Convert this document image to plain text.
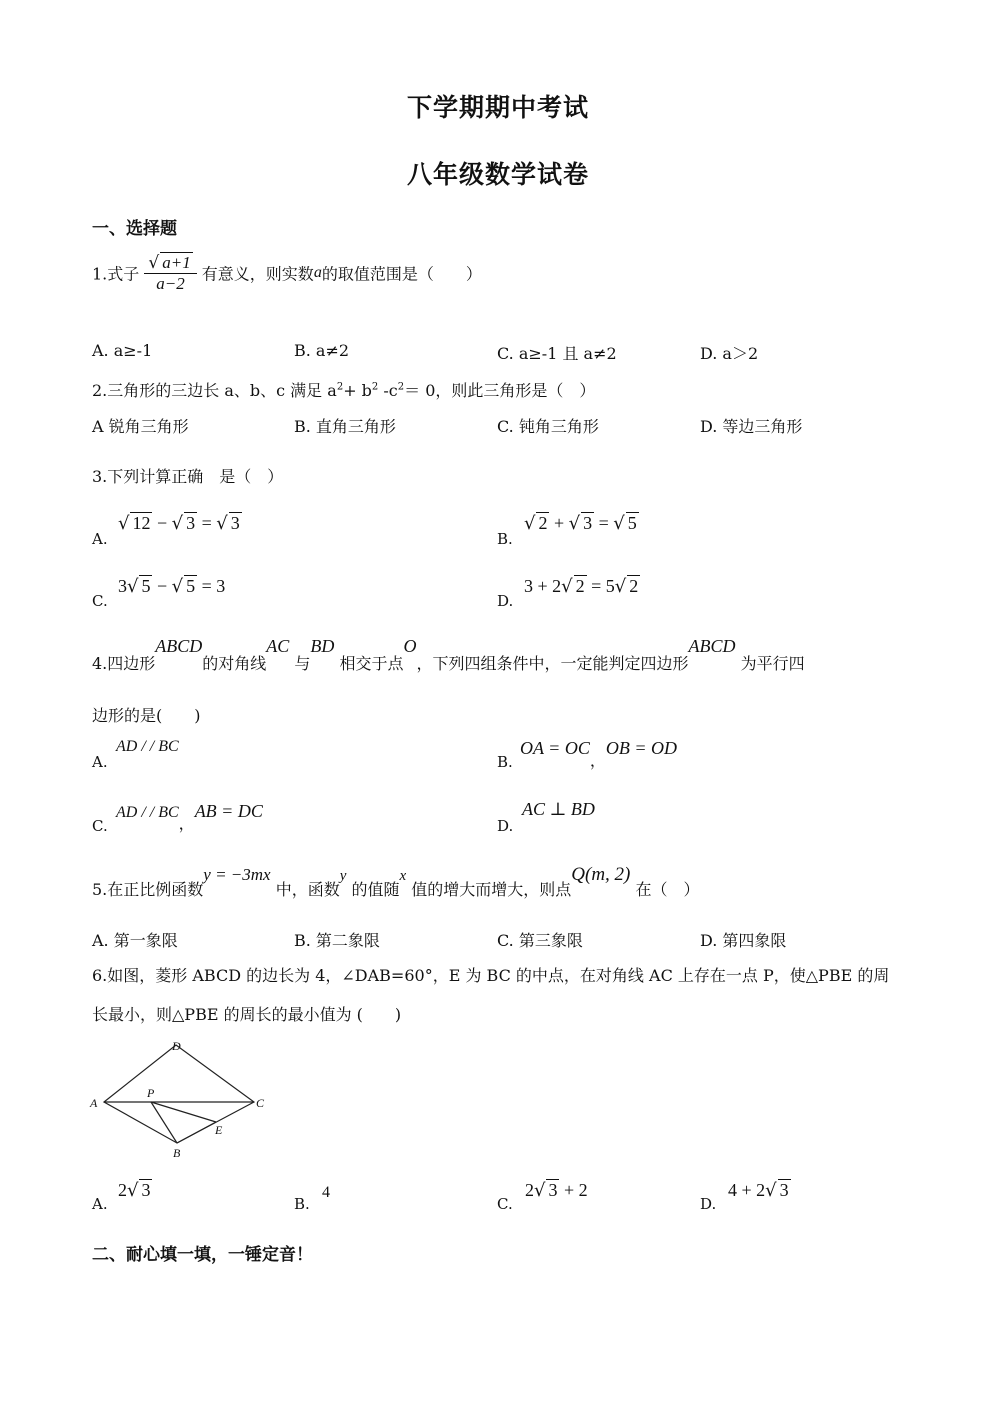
下学期期中考试
八年级数学试卷
一、选择题
1.式子 $\frac{√ a+1}{a-2}$ 有意义，则实数a的取值范围是（　　）
A. a≥-1	B. a≠2	C. a≥-1 且 a≠2	D. a＞2
2.三角形的三边长 a、b、c 满足 $a^2+ b^2$ $-c^2= 0$，则此三角形是（　）
A 锐角三角形	B. 直角三角形	C. 钝角三角形	D. 等边三角形
3.下列计算正确　是（　）
A.
√ 12 − √ 3 = √ 3
B.
√ 2 + √ 3 = √ 5
C.
3√ 5 − √ 5 = 3
D.
3 + 2√ 2 = 5√ 2
4.四边形ABCD的对角线AC 与BD 相交于点O，下列四组条件中，一定能判定四边形ABCD 为平行四
边形的是(　　)
A.
AD / / BC
B.
OA = OC，OB = OD
C.
AD / / BC，AB = DC
D.
AC ⊥ BD
5.在正比例函数y = −3mx 中，函数y 的值随x 值的增大而增大，则点Q(m, 2) 在（　）
A. 第一象限	B. 第二象限	C. 第三象限	D. 第四象限
6.如图，菱形 ABCD 的边长为 4，∠DAB=60°，E 为 BC 的中点，在对角线 AC 上存在一点 P，使△PBE 的周
长最小，则△PBE 的周长的最小值为 (　　)
D
A
P
C
E
B
A.
2√ 3
B.
4
C.
2√ 3 + 2
D.
4 + 2√ 3
二、耐心填一填，一锤定音！
